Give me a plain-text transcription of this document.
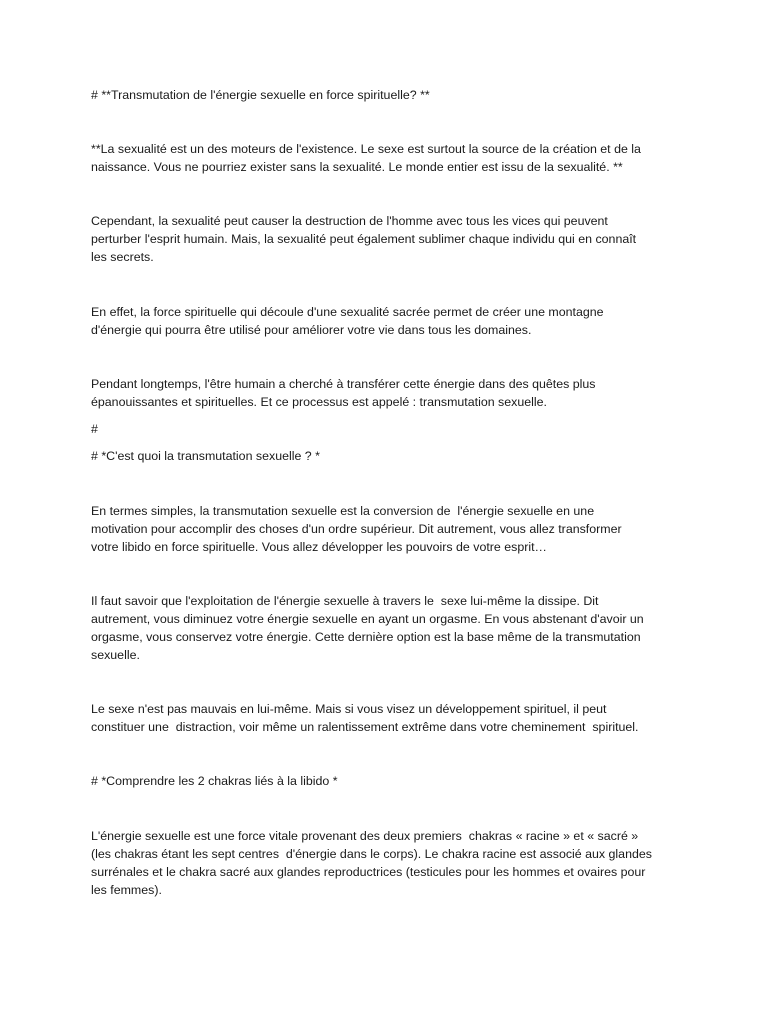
# **Transmutation de l'énergie sexuelle en force spirituelle? **

**La sexualité est un des moteurs de l'existence. Le sexe est surtout la source de la création et de la

naissance. Vous ne pourriez exister sans la sexualité. Le monde entier est issu de la sexualité. **

Cependant, la sexualité peut causer la destruction de l'homme avec tous les vices qui peuvent

perturber l'esprit humain. Mais, la sexualité peut également sublimer chaque individu qui en connaît

les secrets.

En effet, la force spirituelle qui découle d'une sexualité sacrée permet de créer une montagne

d'énergie qui pourra être utilisé pour améliorer votre vie dans tous les domaines.

Pendant longtemps, l'être humain a cherché à transférer cette énergie dans des quêtes plus

épanouissantes et spirituelles. Et ce processus est appelé : transmutation sexuelle.

#

# *C'est quoi la transmutation sexuelle ? *

En termes simples, la transmutation sexuelle est la conversion de  l'énergie sexuelle en une

motivation pour accomplir des choses d'un ordre supérieur. Dit autrement, vous allez transformer

votre libido en force spirituelle. Vous allez développer les pouvoirs de votre esprit…

Il faut savoir que l'exploitation de l'énergie sexuelle à travers le  sexe lui-même la dissipe. Dit

autrement, vous diminuez votre énergie sexuelle en ayant un orgasme. En vous abstenant d'avoir un

orgasme, vous conservez votre énergie. Cette dernière option est la base même de la transmutation

sexuelle.

Le sexe n'est pas mauvais en lui-même. Mais si vous visez un développement spirituel, il peut

constituer une  distraction, voir même un ralentissement extrême dans votre cheminement  spirituel.

# *Comprendre les 2 chakras liés à la libido *

L'énergie sexuelle est une force vitale provenant des deux premiers  chakras « racine » et « sacré »

(les chakras étant les sept centres  d'énergie dans le corps). Le chakra racine est associé aux glandes

surrénales et le chakra sacré aux glandes reproductrices (testicules pour les hommes et ovaires pour

les femmes).
